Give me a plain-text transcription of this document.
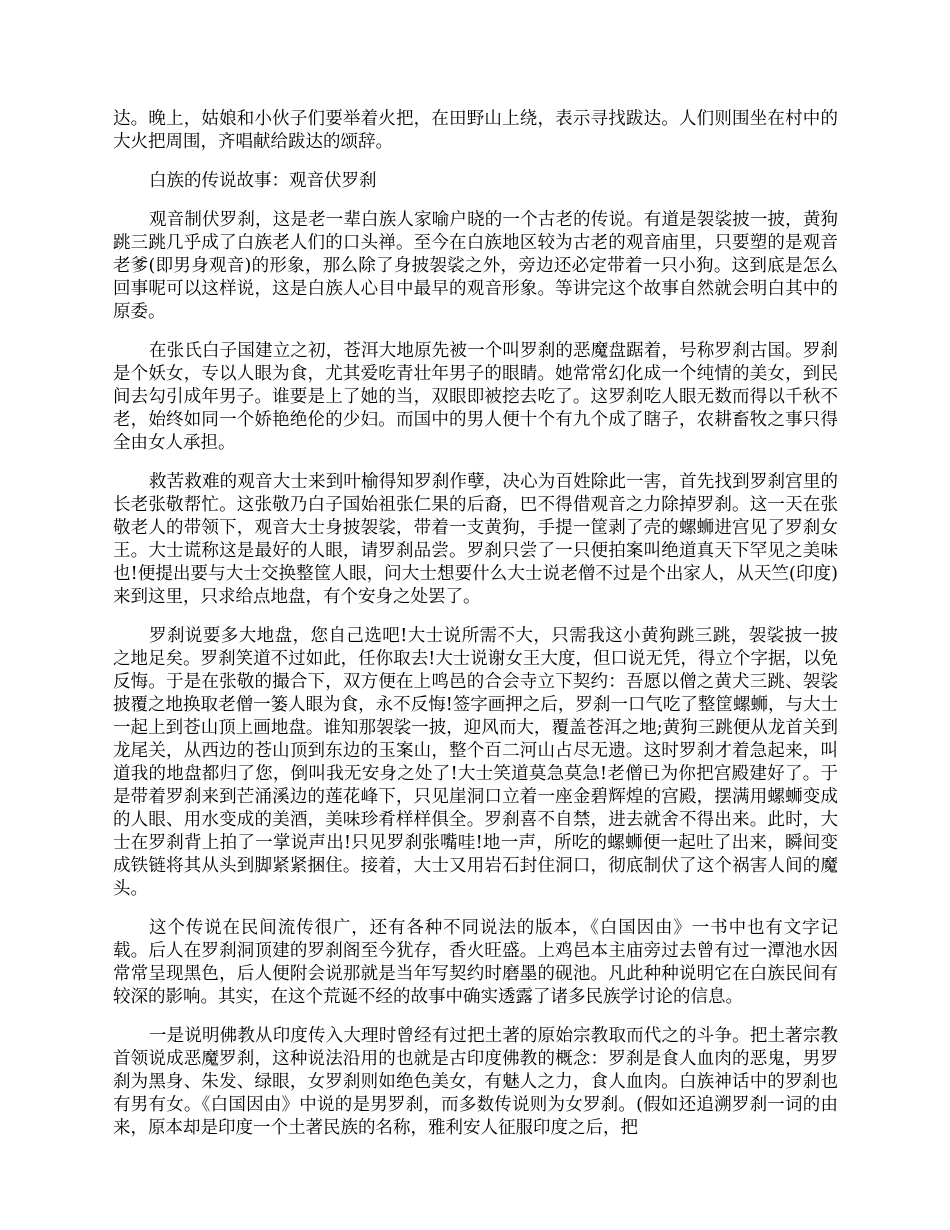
达。晚上，姑娘和小伙子们要举着火把，在田野山上绕，表示寻找跋达。人们则围坐在村中的大火把周围，齐唱献给跋达的颂辞。

白族的传说故事：观音伏罗刹

观音制伏罗刹，这是老一辈白族人家喻户晓的一个古老的传说。有道是袈裟披一披，黄狗跳三跳几乎成了白族老人们的口头禅。至今在白族地区较为古老的观音庙里，只要塑的是观音老爹(即男身观音)的形象，那么除了身披袈裟之外，旁边还必定带着一只小狗。这到底是怎么回事呢可以这样说，这是白族人心目中最早的观音形象。等讲完这个故事自然就会明白其中的原委。

在张氏白子国建立之初，苍洱大地原先被一个叫罗刹的恶魔盘踞着，号称罗刹古国。罗刹是个妖女，专以人眼为食，尤其爱吃青壮年男子的眼睛。她常常幻化成一个纯情的美女，到民间去勾引成年男子。谁要是上了她的当，双眼即被挖去吃了。这罗刹吃人眼无数而得以千秋不老，始终如同一个娇艳绝伦的少妇。而国中的男人便十个有九个成了瞎子，农耕畜牧之事只得全由女人承担。

救苦救难的观音大士来到叶榆得知罗刹作孽，决心为百姓除此一害，首先找到罗刹宫里的长老张敬帮忙。这张敬乃白子国始祖张仁果的后裔，巴不得借观音之力除掉罗刹。这一天在张敬老人的带领下，观音大士身披袈裟，带着一支黄狗，手提一筐剥了壳的螺蛳进宫见了罗刹女王。大士谎称这是最好的人眼，请罗刹品尝。罗刹只尝了一只便拍案叫绝道真天下罕见之美味也!便提出要与大士交换整筐人眼，问大士想要什么大士说老僧不过是个出家人，从天竺(印度)来到这里，只求给点地盘，有个安身之处罢了。

罗刹说要多大地盘，您自己选吧!大士说所需不大，只需我这小黄狗跳三跳，袈裟披一披之地足矣。罗刹笑道不过如此，任你取去!大士说谢女王大度，但口说无凭，得立个字据，以免反悔。于是在张敬的撮合下，双方便在上鸣邑的合会寺立下契约：吾愿以僧之黄犬三跳、袈裟披覆之地换取老僧一篓人眼为食，永不反悔!签字画押之后，罗刹一口气吃了整筐螺蛳，与大士一起上到苍山顶上画地盘。谁知那袈裟一披，迎风而大，覆盖苍洱之地;黄狗三跳便从龙首关到龙尾关，从西边的苍山顶到东边的玉案山，整个百二河山占尽无遗。这时罗刹才着急起来，叫道我的地盘都归了您，倒叫我无安身之处了!大士笑道莫急莫急!老僧已为你把宫殿建好了。于是带着罗刹来到芒涌溪边的莲花峰下，只见崖洞口立着一座金碧辉煌的宫殿，摆满用螺蛳变成的人眼、用水变成的美酒，美味珍肴样样俱全。罗刹喜不自禁，进去就舍不得出来。此时，大士在罗刹背上拍了一掌说声出!只见罗刹张嘴哇!地一声，所吃的螺蛳便一起吐了出来，瞬间变成铁链将其从头到脚紧紧捆住。接着，大士又用岩石封住洞口，彻底制伏了这个祸害人间的魔头。

这个传说在民间流传很广，还有各种不同说法的版本，《白国因由》一书中也有文字记载。后人在罗刹洞顶建的罗刹阁至今犹存，香火旺盛。上鸡邑本主庙旁过去曾有过一潭池水因常常呈现黑色，后人便附会说那就是当年写契约时磨墨的砚池。凡此种种说明它在白族民间有较深的影响。其实，在这个荒诞不经的故事中确实透露了诸多民族学讨论的信息。

一是说明佛教从印度传入大理时曾经有过把土著的原始宗教取而代之的斗争。把土著宗教首领说成恶魔罗刹，这种说法沿用的也就是古印度佛教的概念：罗刹是食人血肉的恶鬼，男罗刹为黑身、朱发、绿眼，女罗刹则如绝色美女，有魅人之力，食人血肉。白族神话中的罗刹也有男有女。《白国因由》中说的是男罗刹，而多数传说则为女罗刹。(假如还追溯罗刹一词的由来，原本却是印度一个土著民族的名称，雅利安人征服印度之后，把
